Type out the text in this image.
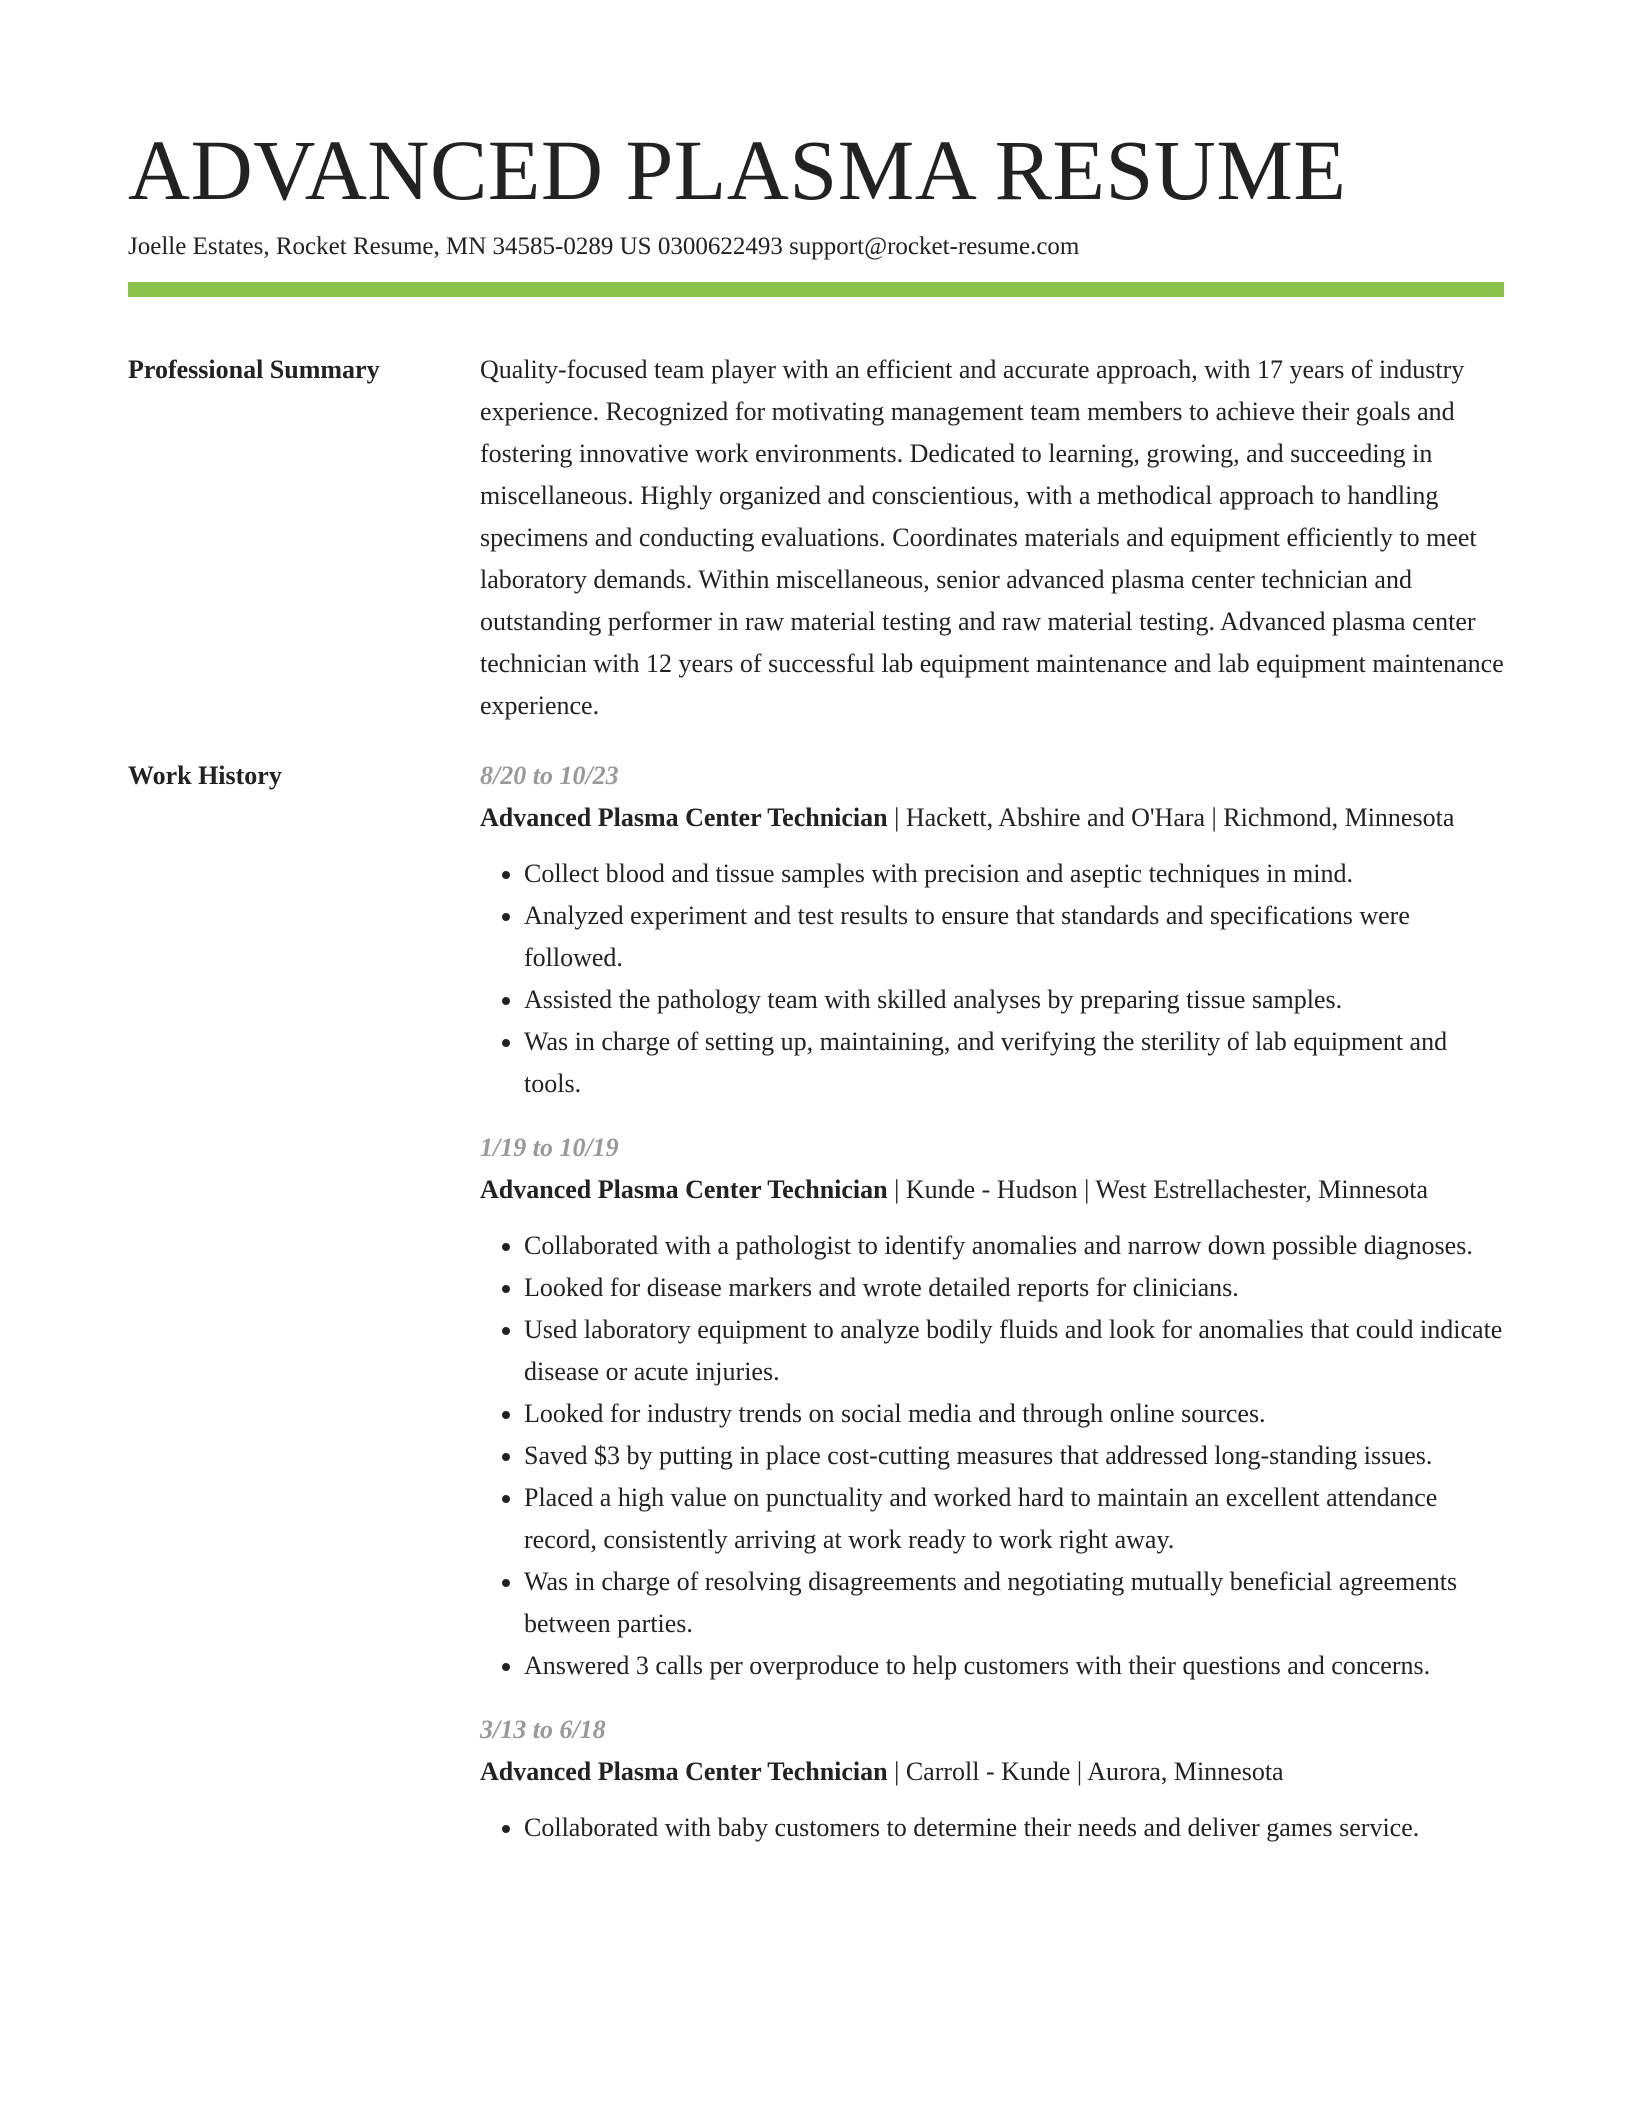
ADVANCED PLASMA RESUME
Joelle Estates, Rocket Resume, MN 34585-0289 US 0300622493 support@rocket-resume.com
Professional Summary	Quality-focused team player with an efficient and accurate approach, with 17 years of industry experience. Recognized for motivating management team members to achieve their goals and fostering innovative work environments. Dedicated to learning, growing, and succeeding in miscellaneous. Highly organized and conscientious, with a methodical approach to handling specimens and conducting evaluations. Coordinates materials and equipment efficiently to meet laboratory demands. Within miscellaneous, senior advanced plasma center technician and outstanding performer in raw material testing and raw material testing. Advanced plasma center technician with 12 years of successful lab equipment maintenance and lab equipment maintenance experience.

Work History	8/20 to 10/23
Advanced Plasma Center Technician | Hackett, Abshire and O'Hara | Richmond, Minnesota
• Collect blood and tissue samples with precision and aseptic techniques in mind.
• Analyzed experiment and test results to ensure that standards and specifications were followed.
• Assisted the pathology team with skilled analyses by preparing tissue samples.
• Was in charge of setting up, maintaining, and verifying the sterility of lab equipment and tools.
1/19 to 10/19
Advanced Plasma Center Technician | Kunde - Hudson | West Estrellachester, Minnesota
• Collaborated with a pathologist to identify anomalies and narrow down possible diagnoses.
• Looked for disease markers and wrote detailed reports for clinicians.
• Used laboratory equipment to analyze bodily fluids and look for anomalies that could indicate disease or acute injuries.
• Looked for industry trends on social media and through online sources.
• Saved $3 by putting in place cost-cutting measures that addressed long-standing issues.
• Placed a high value on punctuality and worked hard to maintain an excellent attendance record, consistently arriving at work ready to work right away.
• Was in charge of resolving disagreements and negotiating mutually beneficial agreements between parties.
• Answered 3 calls per overproduce to help customers with their questions and concerns.
3/13 to 6/18
Advanced Plasma Center Technician | Carroll - Kunde | Aurora, Minnesota
• Collaborated with baby customers to determine their needs and deliver games service.
